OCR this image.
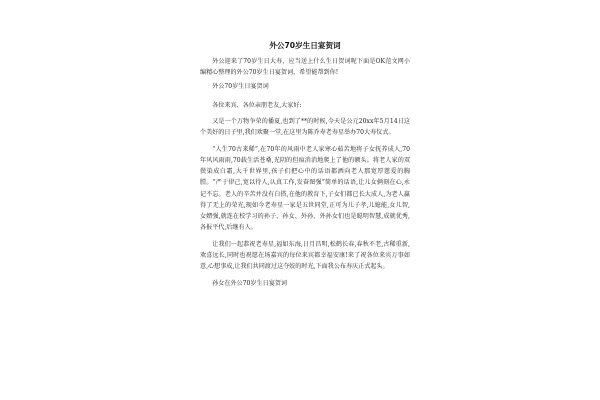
外公70岁生日宴贺词

外公迎来了70岁生日大寿，应当送上什么生日贺词呢下面是OK范文网小编精心整理的外公70岁生日宴贺词，希望能帮到你!

外公70岁生日宴贺词

各位来宾、各位亲朋老友,大家好:

又是一个万物争荣的播夏,也到了**的时候,今天是公元20xx年5月14日这个美好的日子里,我们欢聚一堂,在这里为陈乔寿老寿星举办70大寿仪式。

“人生70古来稀”,在70年的风雨中老人家寒心茹苦地将子女抚养成人,70年风风雨雨,70载生活苍桑,光阴的但痕消消地爬上了他的额头。将老人家的双鬓染成白霜,大千世界里,孩子们把心中的话语都洒向老人那宽厚慈爱的胸膛。“严于律己,宽以待人,认真工作,发奋图强”简单的话语,让儿女俩刻在心,永记不忘。老人的辛苦并没有白搭,在他的教育下,子女们都已长大成人,为老人赢得了无上的荣光,现如今老寿星一家是五世同堂,正可为儿子孝,儿媳能,女儿智,女婿强,就连在校学习的孙子、孙女、外孙、外孙女们也是聪明智慧,成就优秀,各报平代,后继有人。

让我们一起恭祝老寿星,福如东海,日月昌明,松鹤长春,春秋不老,古稀重新,欢喜远长,同时也祝愿在场嘉宾的每位来宾都幸福安康!来了祝各位来宾万事如意,心想事成,让我们共同渡过这夺姣的时光,下面我公布寿庆正式起头。

孙女在外公70岁生日宴贺词
